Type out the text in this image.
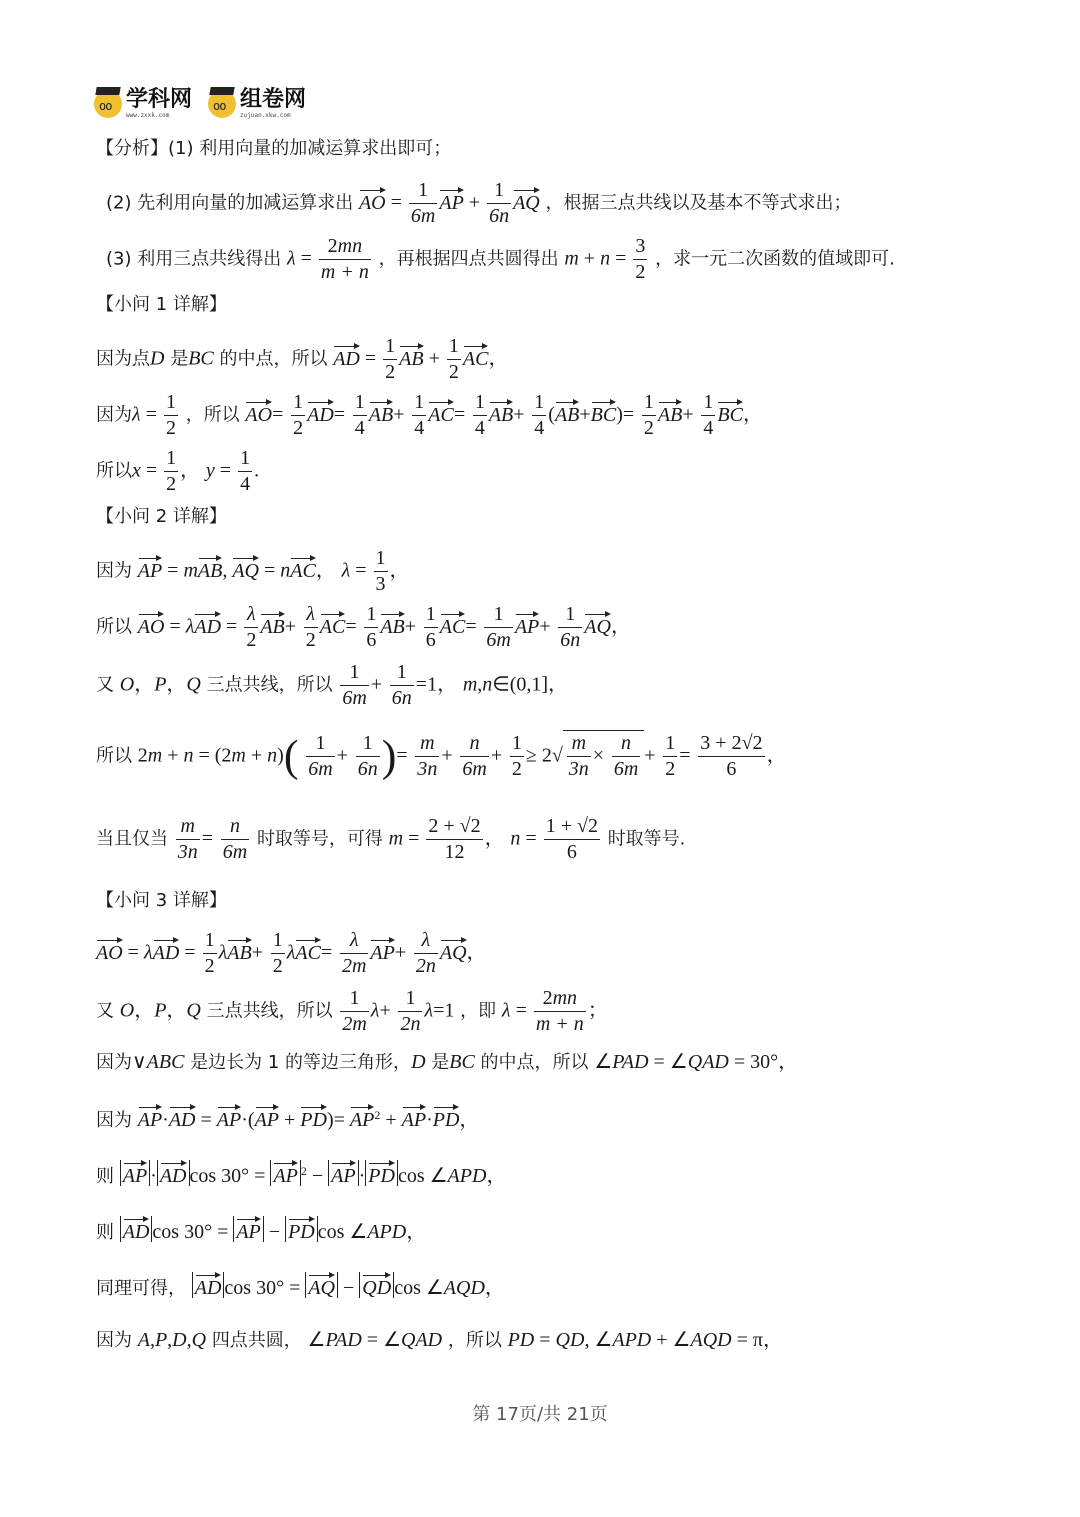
oo
学科网
www.zxxk.com
oo
组卷网
zujuan.xkw.com
【分析】(1) 利用向量的加减运算求出即可；
(2) 先利用向量的加减运算求出 AO = $\frac{1}{6m}$ AP + $\frac{1}{6n}$ AQ ，根据三点共线以及基本不等式求出；
(3) 利用三点共线得出 $\lambda = \frac{2mn}{m + n}$ ，再根据四点共圆得出 $m + n = \frac{3}{2}$ ，求一元二次函数的值域即可.
【小问 1 详解】
因为点D 是BC 的中点，所以 AD = $\frac{1}{2}$ AB + $\frac{1}{2}$ AC，
因为$\lambda = \frac{1}{2}$ ，所以 $AO= \frac{1}{2} AD= \frac{1}{4} AB+ \frac{1}{4} AC= \frac{1}{4} AB+ \frac{1}{4} (AB+BC)= \frac{1}{2} AB+ \frac{1}{4}$ BC，
所以$x = \frac{1}{2}$ ， $y = \frac{1}{4}$ .
【小问 2 详解】
因为 AP = mAB, AQ = nAC， $\lambda = \frac{1}{3}$ ，
所以 AO = $\lambda AD = \frac{\lambda}{2} AB+ \frac{\lambda}{2} AC= \frac{1}{6} AB+ \frac{1}{6} AC= \frac{1}{6m} AP+ \frac{1}{6n}$ AQ，
又 O，P，Q 三点共线，所以 $\frac{1}{6m} + \frac{1}{6n} =1$， m,n∈(0,1]，
所以 $2m + n = (2m + n)( \frac{1}{6m} + \frac{1}{6n}$ )= $\frac{m}{3n} + \frac{n}{6m} + \frac{1}{2} \ge 2√ \frac{m}{3n} \times \frac{n}{6m} + \frac{1}{2} = \frac{3 + 2√2}{6}$ ，
当且仅当 $\frac{m}{3n} = \frac{n}{6m}$ 时取等号，可得 $m = \frac{2 + √2}{12}$ ， $n = \frac{1 + √2}{6}$ 时取等号.
【小问 3 详解】
AO = $\lambda AD = \frac{1}{2} \lambda AB+ \frac{1}{2} \lambda AC= \frac{\lambda}{2m} AP+ \frac{\lambda}{2n}$ AQ，
又 O，P，Q 三点共线，所以 $\frac{1}{2m} \lambda+ \frac{1}{2n} \lambda=1$ ，即 $\lambda = \frac{2mn}{m + n}$ ；
因为∨ABC 是边长为 1 的等边三角形，D 是BC 的中点，所以 ∠PAD = ∠QAD = 30°，
因为 $AP\cdot AD = AP\cdot(AP + PD)= AP^2 + AP\cdot PD$，
则 AP · AD cos 30° = AP $^2$ − AP · PD cos ∠APD，
则 AD cos 30° = AP − PD cos ∠APD，
同理可得， AD cos 30° = AQ − QD cos ∠AQD，
因为 A,P,D,Q 四点共圆， ∠PAD = ∠QAD ，所以 PD = QD, ∠APD + ∠AQD = π，
第 17页/共 21页
